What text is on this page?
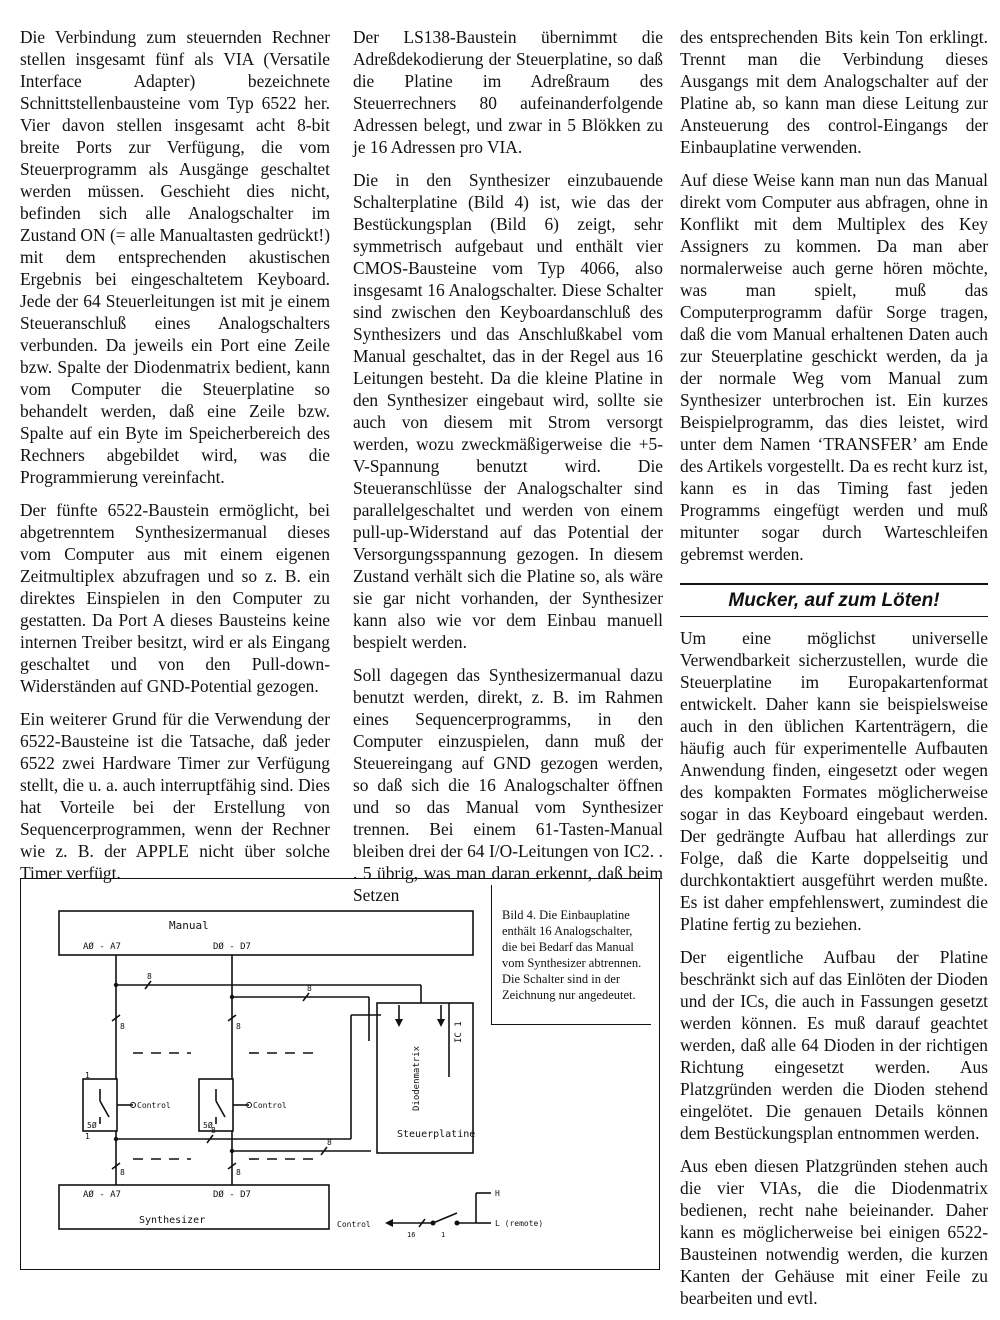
Die Verbindung zum steuernden Rechner stellen insgesamt fünf als VIA (Versatile Interface Adapter) bezeichnete Schnittstellenbausteine vom Typ 6522 her. Vier davon stellen insgesamt acht 8-bit breite Ports zur Verfügung, die vom Steuerprogramm als Ausgänge geschaltet werden müssen. Geschieht dies nicht, befinden sich alle Analogschalter im Zustand ON (= alle Manualtasten gedrückt!) mit dem entsprechenden akustischen Ergebnis bei eingeschaltetem Keyboard. Jede der 64 Steuerleitungen ist mit je einem Steueranschluß eines Analogschalters verbunden. Da jeweils ein Port eine Zeile bzw. Spalte der Diodenmatrix bedient, kann vom Computer die Steuerplatine so behandelt werden, daß eine Zeile bzw. Spalte auf ein Byte im Speicherbereich des Rechners abgebildet wird, was die Programmierung vereinfacht.

Der fünfte 6522-Baustein ermöglicht, bei abgetrenntem Synthesizermanual dieses vom Computer aus mit einem eigenen Zeitmultiplex abzufragen und so z. B. ein direktes Einspielen in den Computer zu gestatten. Da Port A dieses Bausteins keine internen Treiber besitzt, wird er als Eingang geschaltet und von den Pull-down-Widerständen auf GND-Potential gezogen.

Ein weiterer Grund für die Verwendung der 6522-Bausteine ist die Tatsache, daß jeder 6522 zwei Hardware Timer zur Verfügung stellt, die u. a. auch interruptfähig sind. Dies hat Vorteile bei der Erstellung von Sequencerprogrammen, wenn der Rechner wie z. B. der APPLE nicht über solche Timer verfügt.

Der LS138-Baustein übernimmt die Adreßdekodierung der Steuerplatine, so daß die Platine im Adreßraum des Steuerrechners 80 aufeinanderfolgende Adressen belegt, und zwar in 5 Blökken zu je 16 Adressen pro VIA.

Die in den Synthesizer einzubauende Schalterplatine (Bild 4) ist, wie das der Bestückungsplan (Bild 6) zeigt, sehr symmetrisch aufgebaut und enthält vier CMOS-Bausteine vom Typ 4066, also insgesamt 16 Analogschalter. Diese Schalter sind zwischen den Keyboardanschluß des Synthesizers und das Anschlußkabel vom Manual geschaltet, das in der Regel aus 16 Leitungen besteht. Da die kleine Platine in den Synthesizer eingebaut wird, sollte sie auch von diesem mit Strom versorgt werden, wozu zweckmäßigerweise die +5-V-Spannung benutzt wird. Die Steueranschlüsse der Analogschalter sind parallelgeschaltet und werden von einem pull-up-Widerstand auf das Potential der Versorgungsspannung gezogen. In diesem Zustand verhält sich die Platine so, als wäre sie gar nicht vorhanden, der Synthesizer kann also wie vor dem Einbau manuell bespielt werden.

Soll dagegen das Synthesizermanual dazu benutzt werden, direkt, z. B. im Rahmen eines Sequencerprogramms, in den Computer einzuspielen, dann muß der Steuereingang auf GND gezogen werden, so daß sich die 16 Analogschalter öffnen und so das Manual vom Synthesizer trennen. Bei einem 61-Tasten-Manual bleiben drei der 64 I/O-Leitungen von IC2. . . 5 übrig, was man daran erkennt, daß beim Setzen

des entsprechenden Bits kein Ton erklingt. Trennt man die Verbindung dieses Ausgangs mit dem Analogschalter auf der Platine ab, so kann man diese Leitung zur Ansteuerung des control-Eingangs der Einbauplatine verwenden.

Auf diese Weise kann man nun das Manual direkt vom Computer aus abfragen, ohne in Konflikt mit dem Multiplex des Key Assigners zu kommen. Da man aber normalerweise auch gerne hören möchte, was man spielt, muß das Computerprogramm dafür Sorge tragen, daß die vom Manual erhaltenen Daten auch zur Steuerplatine geschickt werden, da ja der normale Weg vom Manual zum Synthesizer unterbrochen ist. Ein kurzes Beispielprogramm, das dies leistet, wird unter dem Namen ‘TRANSFER’ am Ende des Artikels vorgestellt. Da es recht kurz ist, kann es in das Timing fast jeden Programms eingefügt werden und muß mitunter sogar durch Warteschleifen gebremst werden.

Mucker, auf zum Löten!

Um eine möglichst universelle Verwendbarkeit sicherzustellen, wurde die Steuerplatine im Europakartenformat entwickelt. Daher kann sie beispielsweise auch in den üblichen Kartenträgern, die häufig auch für experimentelle Aufbauten Anwendung finden, eingesetzt oder wegen des kompakten Formates möglicherweise sogar in das Keyboard eingebaut werden. Der gedrängte Aufbau hat allerdings zur Folge, daß die Karte doppelseitig und durchkontaktiert ausgeführt werden mußte. Es ist daher empfehlenswert, zumindest die Platine fertig zu beziehen.

Der eigentliche Aufbau der Platine beschränkt sich auf das Einlöten der Dioden und der ICs, die auch in Fassungen gesetzt werden können. Es muß darauf geachtet werden, daß alle 64 Dioden in der richtigen Richtung eingesetzt werden. Aus Platzgründen werden die Dioden stehend eingelötet. Die genauen Details können dem Bestückungsplan entnommen werden.

Aus eben diesen Platzgründen stehen auch die vier VIAs, die die Diodenmatrix bedienen, recht nahe beieinander. Daher kann es möglicherweise bei einigen 6522-Bausteinen notwendig werden, die kurzen Kanten der Gehäuse mit einer Feile zu bearbeiten und evtl.

Bild 4. Die Einbauplatine enthält 16 Analogschalter, die bei Bedarf das Manual vom Synthesizer abtrennen. Die Schalter sind in der Zeichnung nur angedeutet.
Manual
AØ - A7	DØ - D7
8
8
8	8
1
1
5Ø	5Ø
Control	Control
8
8
8	8
AØ - A7	DØ - D7
Synthesizer
Steuerplatine
Diodenmatrix
IC 1
Control
16	1
H
L (remote)
